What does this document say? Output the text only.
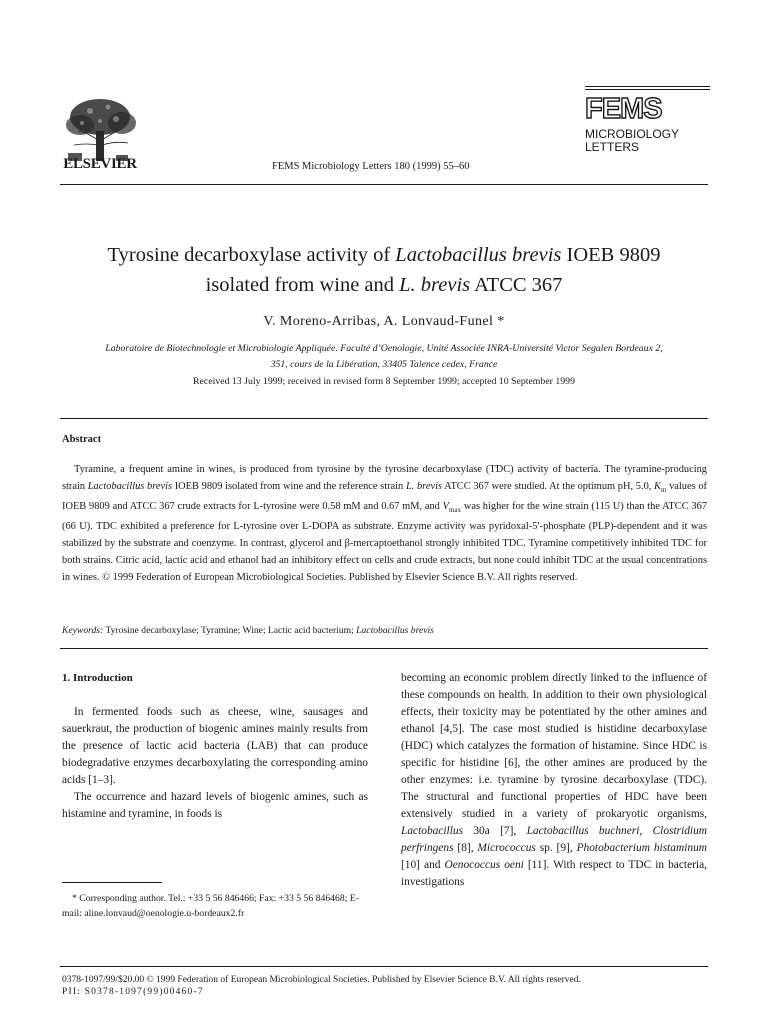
ELSEVIER	FEMS Microbiology Letters 180 (1999) 55–60
FEMS
MICROBIOLOGY
LETTERS
Tyrosine decarboxylase activity of Lactobacillus brevis IOEB 9809
isolated from wine and L. brevis ATCC 367
V. Moreno-Arribas, A. Lonvaud-Funel *
Laboratoire de Biotechnologie et Microbiologie Appliquée. Faculté d’Oenologie, Unité Associée INRA-Université Victor Segalen Bordeaux 2,
351, cours de la Libération, 33405 Talence cedex, France
Received 13 July 1999; received in revised form 8 September 1999; accepted 10 September 1999
Abstract
Tyramine, a frequent amine in wines, is produced from tyrosine by the tyrosine decarboxylase (TDC) activity of bacteria. The tyramine-producing strain Lactobacillus brevis IOEB 9809 isolated from wine and the reference strain L. brevis ATCC 367 were studied. At the optimum pH, 5.0, $K_m$ values of IOEB 9809 and ATCC 367 crude extracts for L-tyrosine were 0.58 mM and 0.67 mM, and $V_{max}$ was higher for the wine strain (115 U) than the ATCC 367 (66 U). TDC exhibited a preference for L-tyrosine over L-DOPA as substrate. Enzyme activity was pyridoxal-5′-phosphate (PLP)-dependent and it was stabilized by the substrate and coenzyme. In contrast, glycerol and β-mercaptoethanol strongly inhibited TDC. Tyramine competitively inhibited TDC for both strains. Citric acid, lactic acid and ethanol had an inhibitory effect on cells and crude extracts, but none could inhibit TDC at the usual concentrations in wines. © 1999 Federation of European Microbiological Societies. Published by Elsevier Science B.V. All rights reserved.
Keywords: Tyrosine decarboxylase; Tyramine; Wine; Lactic acid bacterium; Lactobacillus brevis
1. Introduction

In fermented foods such as cheese, wine, sausages and sauerkraut, the production of biogenic amines mainly results from the presence of lactic acid bacteria (LAB) that can produce biodegradative enzymes decarboxylating the corresponding amino acids [1–3].

The occurrence and hazard levels of biogenic amines, such as histamine and tyramine, in foods is

* Corresponding author. Tel.: +33 5 56 846466; Fax: +33 5 56 846468; E-mail: aline.lonvaud@oenologie.u-bordeaux2.fr
becoming an economic problem directly linked to the influence of these compounds on health. In addition to their own physiological effects, their toxicity may be potentiated by the other amines and ethanol [4,5]. The case most studied is histidine decarboxylase (HDC) which catalyzes the formation of histamine. Since HDC is specific for histidine [6], the other amines are produced by the other enzymes: i.e. tyramine by tyrosine decarboxylase (TDC). The structural and functional properties of HDC have been extensively studied in a variety of prokaryotic organisms, Lactobacillus 30a [7], Lactobacillus buchneri, Clostridium perfringens [8], Micrococcus sp. [9], Photobacterium histaminum [10] and Oenococcus oeni [11]. With respect to TDC in bacteria, investigations
0378-1097/99/$20.00 © 1999 Federation of European Microbiological Societies. Published by Elsevier Science B.V. All rights reserved.
PII: S0378-1097(99)00460-7
